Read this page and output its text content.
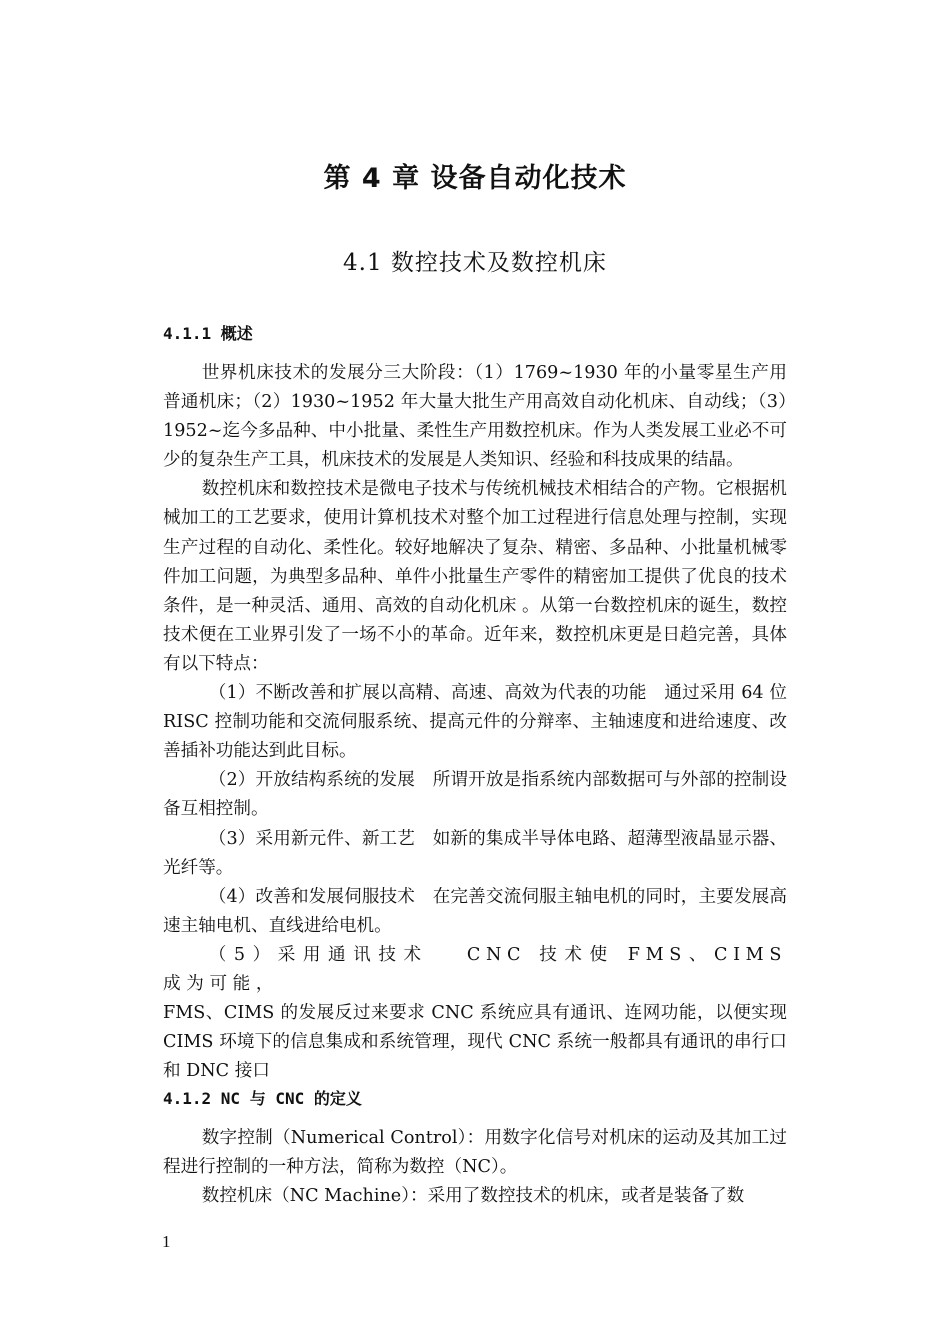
第 4 章 设备自动化技术
4.1 数控技术及数控机床
4.1.1 概述

世界机床技术的发展分三大阶段：（1）1769~1930 年的小量零星生产用普通机床；（2）1930~1952 年大量大批生产用高效自动化机床、自动线；（3）1952~迄今多品种、中小批量、柔性生产用数控机床。作为人类发展工业必不可少的复杂生产工具，机床技术的发展是人类知识、经验和科技成果的结晶。

数控机床和数控技术是微电子技术与传统机械技术相结合的产物。它根据机械加工的工艺要求，使用计算机技术对整个加工过程进行信息处理与控制，实现生产过程的自动化、柔性化。较好地解决了复杂、精密、多品种、小批量机械零件加工问题，为典型多品种、单件小批量生产零件的精密加工提供了优良的技术条件，是一种灵活、通用、高效的自动化机床 。从第一台数控机床的诞生，数控技术便在工业界引发了一场不小的革命。近年来，数控机床更是日趋完善，具体有以下特点：

（1）不断改善和扩展以高精、高速、高效为代表的功能　通过采用 64 位 RISC 控制功能和交流伺服系统、提高元件的分辩率、主轴速度和进给速度、改善插补功能达到此目标。

（2）开放结构系统的发展　所谓开放是指系统内部数据可与外部的控制设备互相控制。

（3）采用新元件、新工艺　如新的集成半导体电路、超薄型液晶显示器、光纤等。

（4）改善和发展伺服技术　在完善交流伺服主轴电机的同时，主要发展高速主轴电机、直线进给电机。

（5）采用通讯技术　 CNC 技术使 FMS、CIMS 成为可能，

FMS、CIMS 的发展反过来要求 CNC 系统应具有通讯、连网功能，以便实现 CIMS 环境下的信息集成和系统管理，现代 CNC 系统一般都具有通讯的串行口和 DNC 接口

4.1.2 NC 与 CNC 的定义

数字控制（Numerical Control）：用数字化信号对机床的运动及其加工过程进行控制的一种方法，简称为数控（NC）。

数控机床（NC Machine）：采用了数控技术的机床，或者是装备了数

1
